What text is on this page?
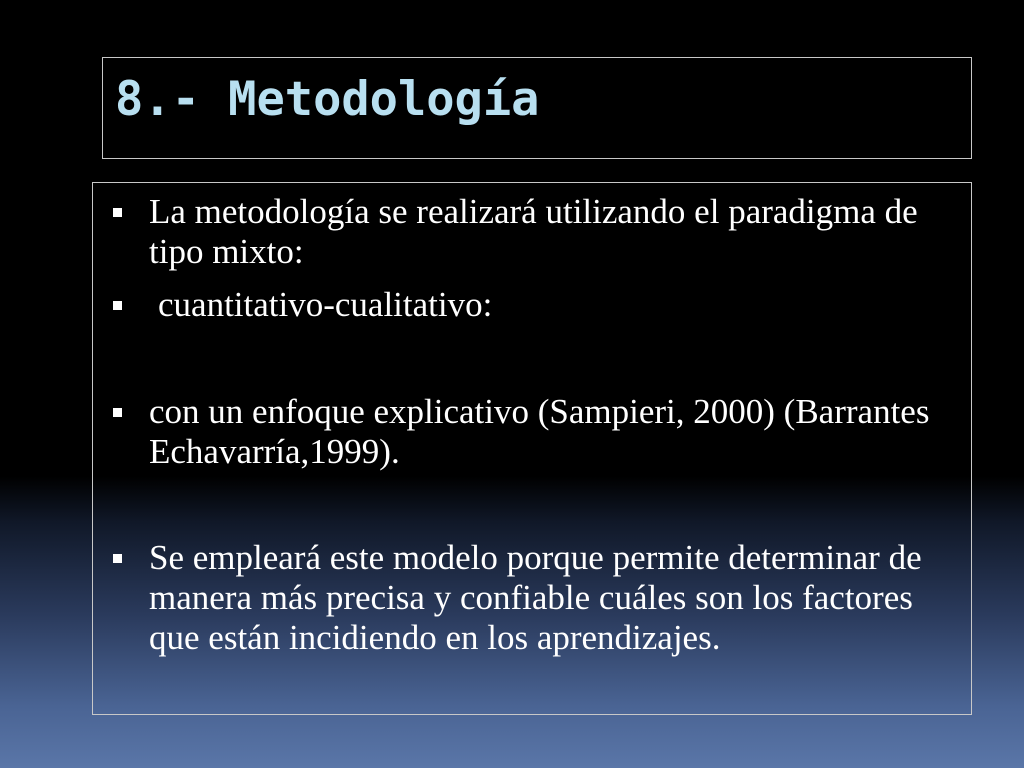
8.- Metodología

La metodología se realizará utilizando el paradigma de tipo mixto:

cuantitativo-cualitativo:

con un enfoque explicativo (Sampieri, 2000) (Barrantes Echavarría,1999).

Se empleará este modelo porque permite determinar de manera más precisa y confiable cuáles son los factores que están incidiendo en los aprendizajes.
